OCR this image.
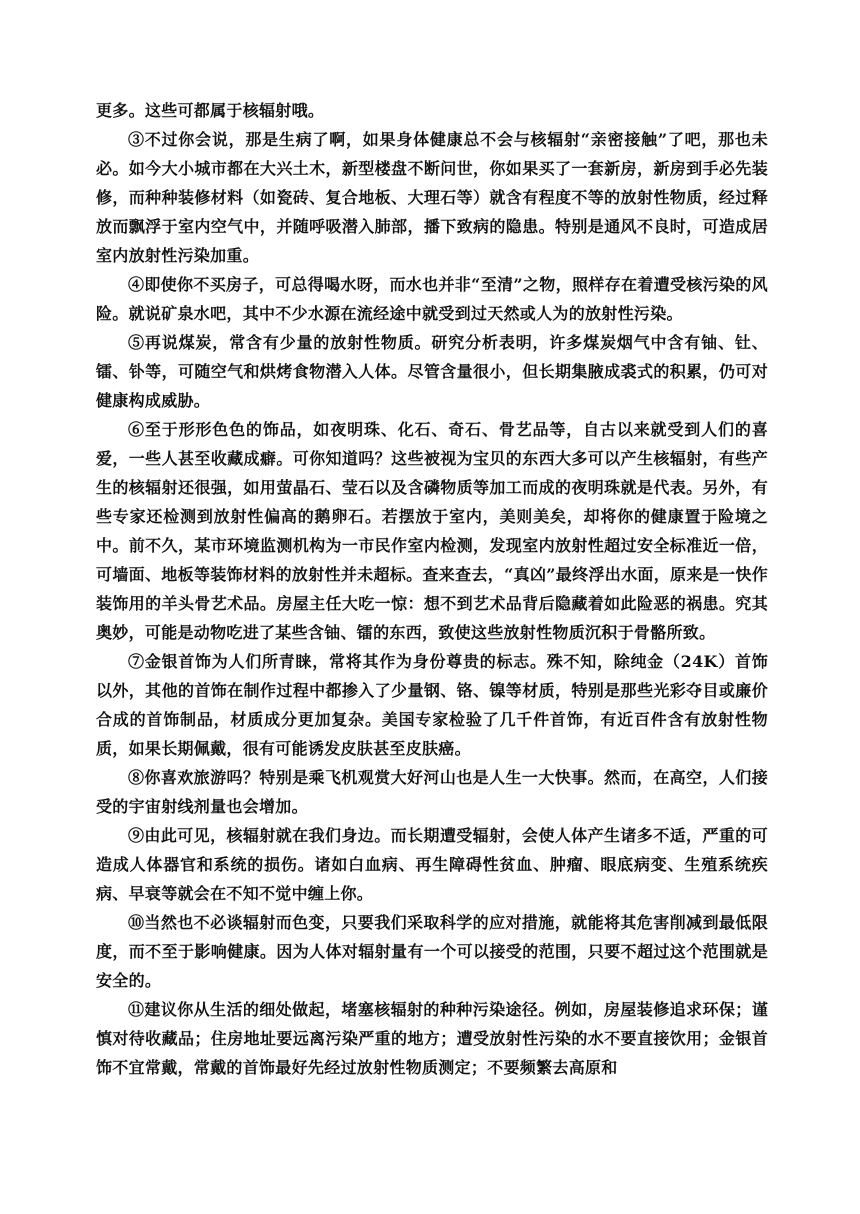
更多。这些可都属于核辐射哦。

③不过你会说，那是生病了啊，如果身体健康总不会与核辐射“亲密接触”了吧，那也未必。如今大小城市都在大兴土木，新型楼盘不断问世，你如果买了一套新房，新房到手必先装修，而种种装修材料（如瓷砖、复合地板、大理石等）就含有程度不等的放射性物质，经过释放而飘浮于室内空气中，并随呼吸潜入肺部，播下致病的隐患。特别是通风不良时，可造成居室内放射性污染加重。

④即使你不买房子，可总得喝水呀，而水也并非“至清”之物，照样存在着遭受核污染的风险。就说矿泉水吧，其中不少水源在流经途中就受到过天然或人为的放射性污染。

⑤再说煤炭，常含有少量的放射性物质。研究分析表明，许多煤炭烟气中含有铀、钍、镭、钋等，可随空气和烘烤食物潜入人体。尽管含量很小，但长期集腋成裘式的积累，仍可对健康构成威胁。

⑥至于形形色色的饰品，如夜明珠、化石、奇石、骨艺品等，自古以来就受到人们的喜爱，一些人甚至收藏成癖。可你知道吗？这些被视为宝贝的东西大多可以产生核辐射，有些产生的核辐射还很强，如用萤晶石、莹石以及含磷物质等加工而成的夜明珠就是代表。另外，有些专家还检测到放射性偏高的鹅卵石。若摆放于室内，美则美矣，却将你的健康置于险境之中。前不久，某市环境监测机构为一市民作室内检测，发现室内放射性超过安全标准近一倍，可墙面、地板等装饰材料的放射性并未超标。查来查去，“真凶”最终浮出水面，原来是一快作装饰用的羊头骨艺术品。房屋主任大吃一惊：想不到艺术品背后隐藏着如此险恶的祸患。究其奥妙，可能是动物吃进了某些含铀、镭的东西，致使这些放射性物质沉积于骨骼所致。

⑦金银首饰为人们所青睐，常将其作为身份尊贵的标志。殊不知，除纯金（24K）首饰以外，其他的首饰在制作过程中都掺入了少量钢、铬、镍等材质，特别是那些光彩夺目或廉价合成的首饰制品，材质成分更加复杂。美国专家检验了几千件首饰，有近百件含有放射性物质，如果长期佩戴，很有可能诱发皮肤甚至皮肤癌。

⑧你喜欢旅游吗？特别是乘飞机观赏大好河山也是人生一大快事。然而，在高空，人们接受的宇宙射线剂量也会增加。

⑨由此可见，核辐射就在我们身边。而长期遭受辐射，会使人体产生诸多不适，严重的可造成人体器官和系统的损伤。诸如白血病、再生障碍性贫血、肿瘤、眼底病变、生殖系统疾病、早衰等就会在不知不觉中缠上你。

⑩当然也不必谈辐射而色变，只要我们采取科学的应对措施，就能将其危害削减到最低限度，而不至于影响健康。因为人体对辐射量有一个可以接受的范围，只要不超过这个范围就是安全的。

⑪建议你从生活的细处做起，堵塞核辐射的种种污染途径。例如，房屋装修追求环保；谨慎对待收藏品；住房地址要远离污染严重的地方；遭受放射性污染的水不要直接饮用；金银首饰不宜常戴，常戴的首饰最好先经过放射性物质测定；不要频繁去高原和
